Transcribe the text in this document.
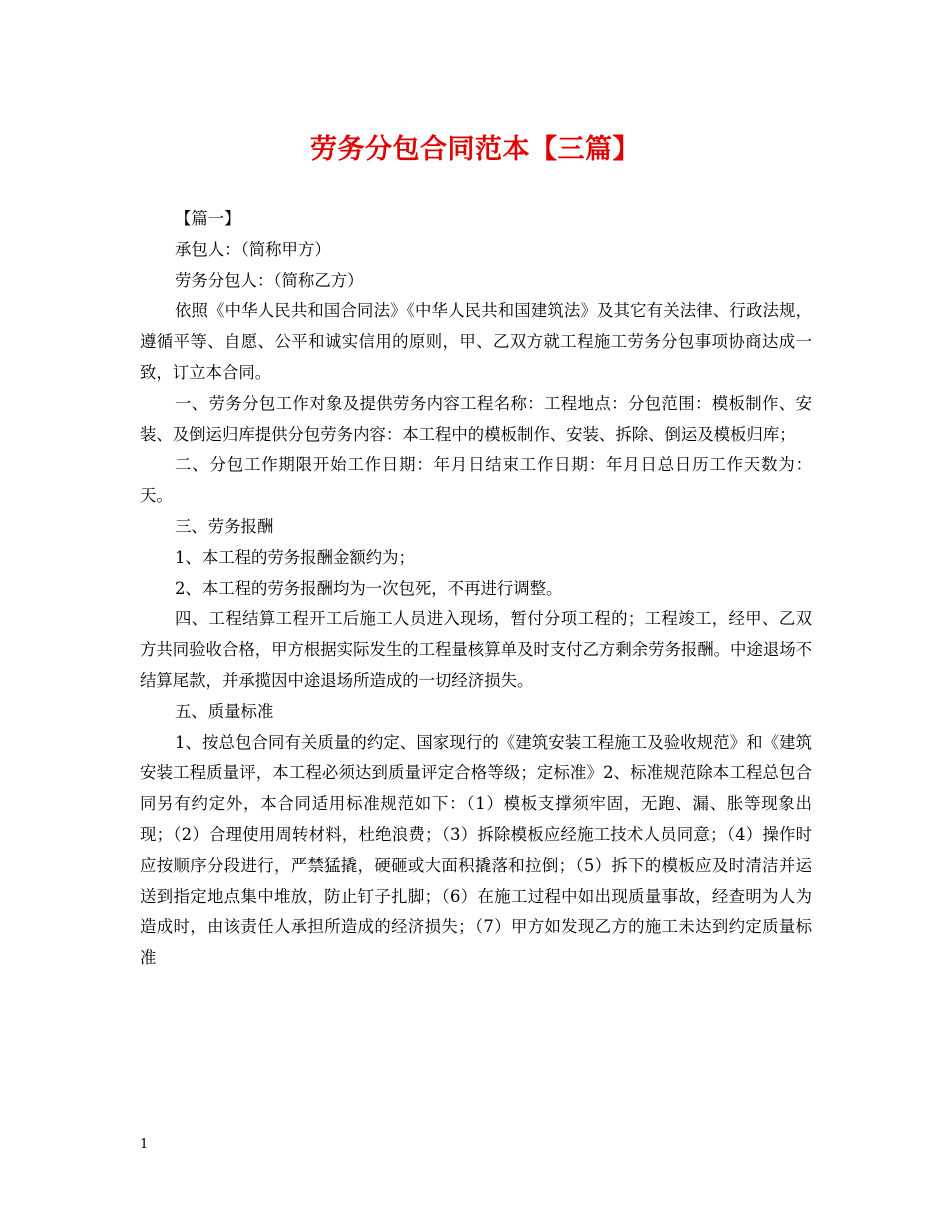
劳务分包合同范本【三篇】

【篇一】

承包人：（简称甲方）

劳务分包人：（简称乙方）

依照《中华人民共和国合同法》《中华人民共和国建筑法》及其它有关法律、行政法规，遵循平等、自愿、公平和诚实信用的原则，甲、乙双方就工程施工劳务分包事项协商达成一致，订立本合同。

一、劳务分包工作对象及提供劳务内容工程名称：工程地点：分包范围：模板制作、安装、及倒运归库提供分包劳务内容：本工程中的模板制作、安装、拆除、倒运及模板归库；

二、分包工作期限开始工作日期：年月日结束工作日期：年月日总日历工作天数为：天。

三、劳务报酬

1、本工程的劳务报酬金额约为；

2、本工程的劳务报酬均为一次包死，不再进行调整。

四、工程结算工程开工后施工人员进入现场，暂付分项工程的；工程竣工，经甲、乙双方共同验收合格，甲方根据实际发生的工程量核算单及时支付乙方剩余劳务报酬。中途退场不结算尾款，并承揽因中途退场所造成的一切经济损失。

五、质量标准

1、按总包合同有关质量的约定、国家现行的《建筑安装工程施工及验收规范》和《建筑安装工程质量评，本工程必须达到质量评定合格等级；定标准》2、标准规范除本工程总包合同另有约定外，本合同适用标准规范如下：（1）模板支撑须牢固，无跑、漏、胀等现象出现；（2）合理使用周转材料，杜绝浪费；（3）拆除模板应经施工技术人员同意；（4）操作时应按顺序分段进行，严禁猛撬，硬砸或大面积撬落和拉倒；（5）拆下的模板应及时清洁并运送到指定地点集中堆放，防止钉子扎脚；（6）在施工过程中如出现质量事故，经查明为人为造成时，由该责任人承担所造成的经济损失；（7）甲方如发现乙方的施工未达到约定质量标准

1
